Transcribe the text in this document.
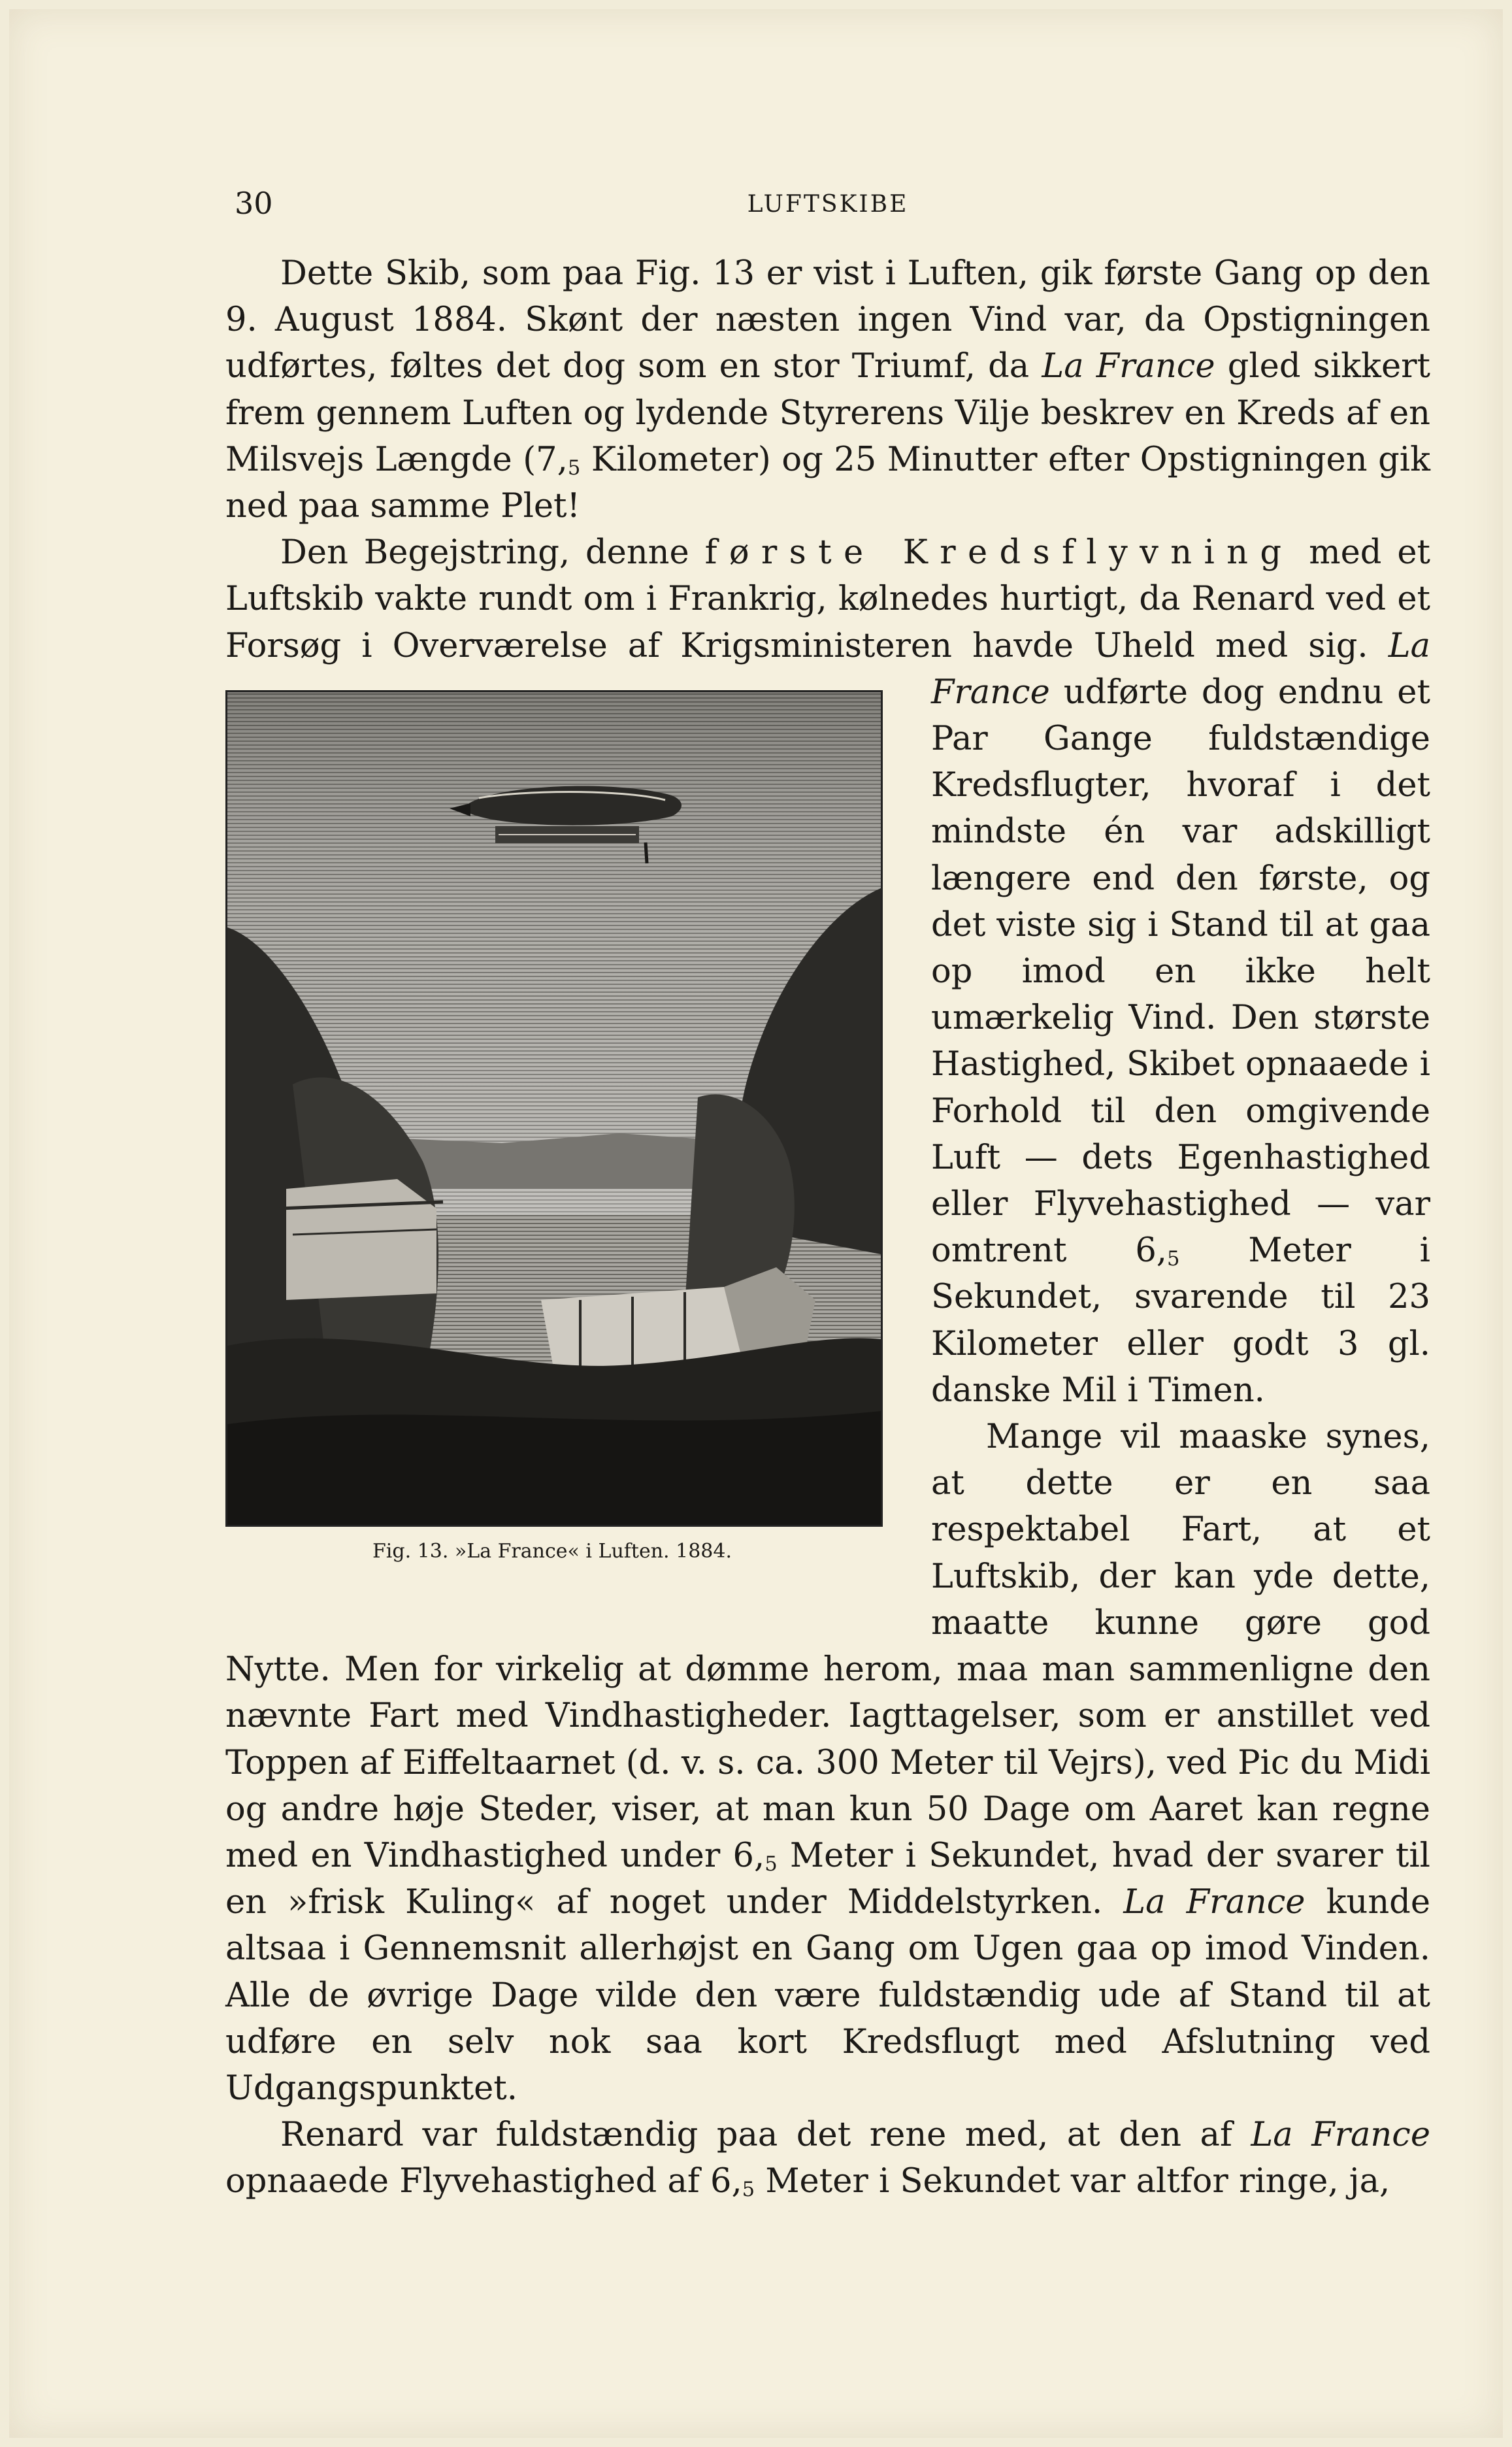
30	LUFTSKIBE

Dette Skib, som paa Fig. 13 er vist i Luften, gik første Gang op den 9. August 1884. Skønt der næsten ingen Vind var, da Opstigningen udførtes, føltes det dog som en stor Triumf, da La France gled sikkert frem gennem Luften og lydende Styrerens Vilje beskrev en Kreds af en Milsvejs Længde ($7,_5$ Kilometer) og 25 Minutter efter Opstigningen gik ned paa samme Plet!

Den Begejstring, denne første Kredsflyvning med et Luftskib vakte rundt om i Frankrig, kølnedes hurtigt, da Renard ved et Forsøg i Overværelse af Krigsministeren havde Uheld med sig.
Fig. 13. »La France« i Luften. 1884.
La France udførte dog endnu et Par Gange fuldstændige Kredsflugter, hvoraf i det mindste én var adskilligt længere end den første, og det viste sig i Stand til at gaa op imod en ikke helt umærkelig Vind. Den største Hastighed, Skibet opnaaede i Forhold til den omgivende Luft — dets Egenhastighed eller Flyvehastighed — var omtrent $6,_5$ Meter i Sekundet, svarende til 23 Kilometer eller godt 3 gl. danske Mil i Timen.

Mange vil maaske synes, at dette er en saa respektabel Fart, at et Luftskib, der kan yde dette, maatte kunne gøre god Nytte. Men for virkelig at dømme herom, maa man sammenligne den nævnte Fart med Vindhastigheder. Iagttagelser, som er anstillet ved Toppen af Eiffeltaarnet (d. v. s. ca. 300 Meter til Vejrs), ved Pic du Midi og andre høje Steder, viser, at man kun 50 Dage om Aaret kan regne med en Vindhastighed under $6,_5$ Meter i Sekundet, hvad der svarer til en »frisk Kuling« af noget under Middelstyrken. La France kunde altsaa i Gennemsnit allerhøjst en Gang om Ugen gaa op imod Vinden. Alle de øvrige Dage vilde den være fuldstændig ude af Stand til at udføre en selv nok saa kort Kredsflugt med Afslutning ved Udgangspunktet.

Renard var fuldstændig paa det rene med, at den af La France opnaaede Flyvehastighed af $6,_5$ Meter i Sekundet var altfor ringe, ja,
